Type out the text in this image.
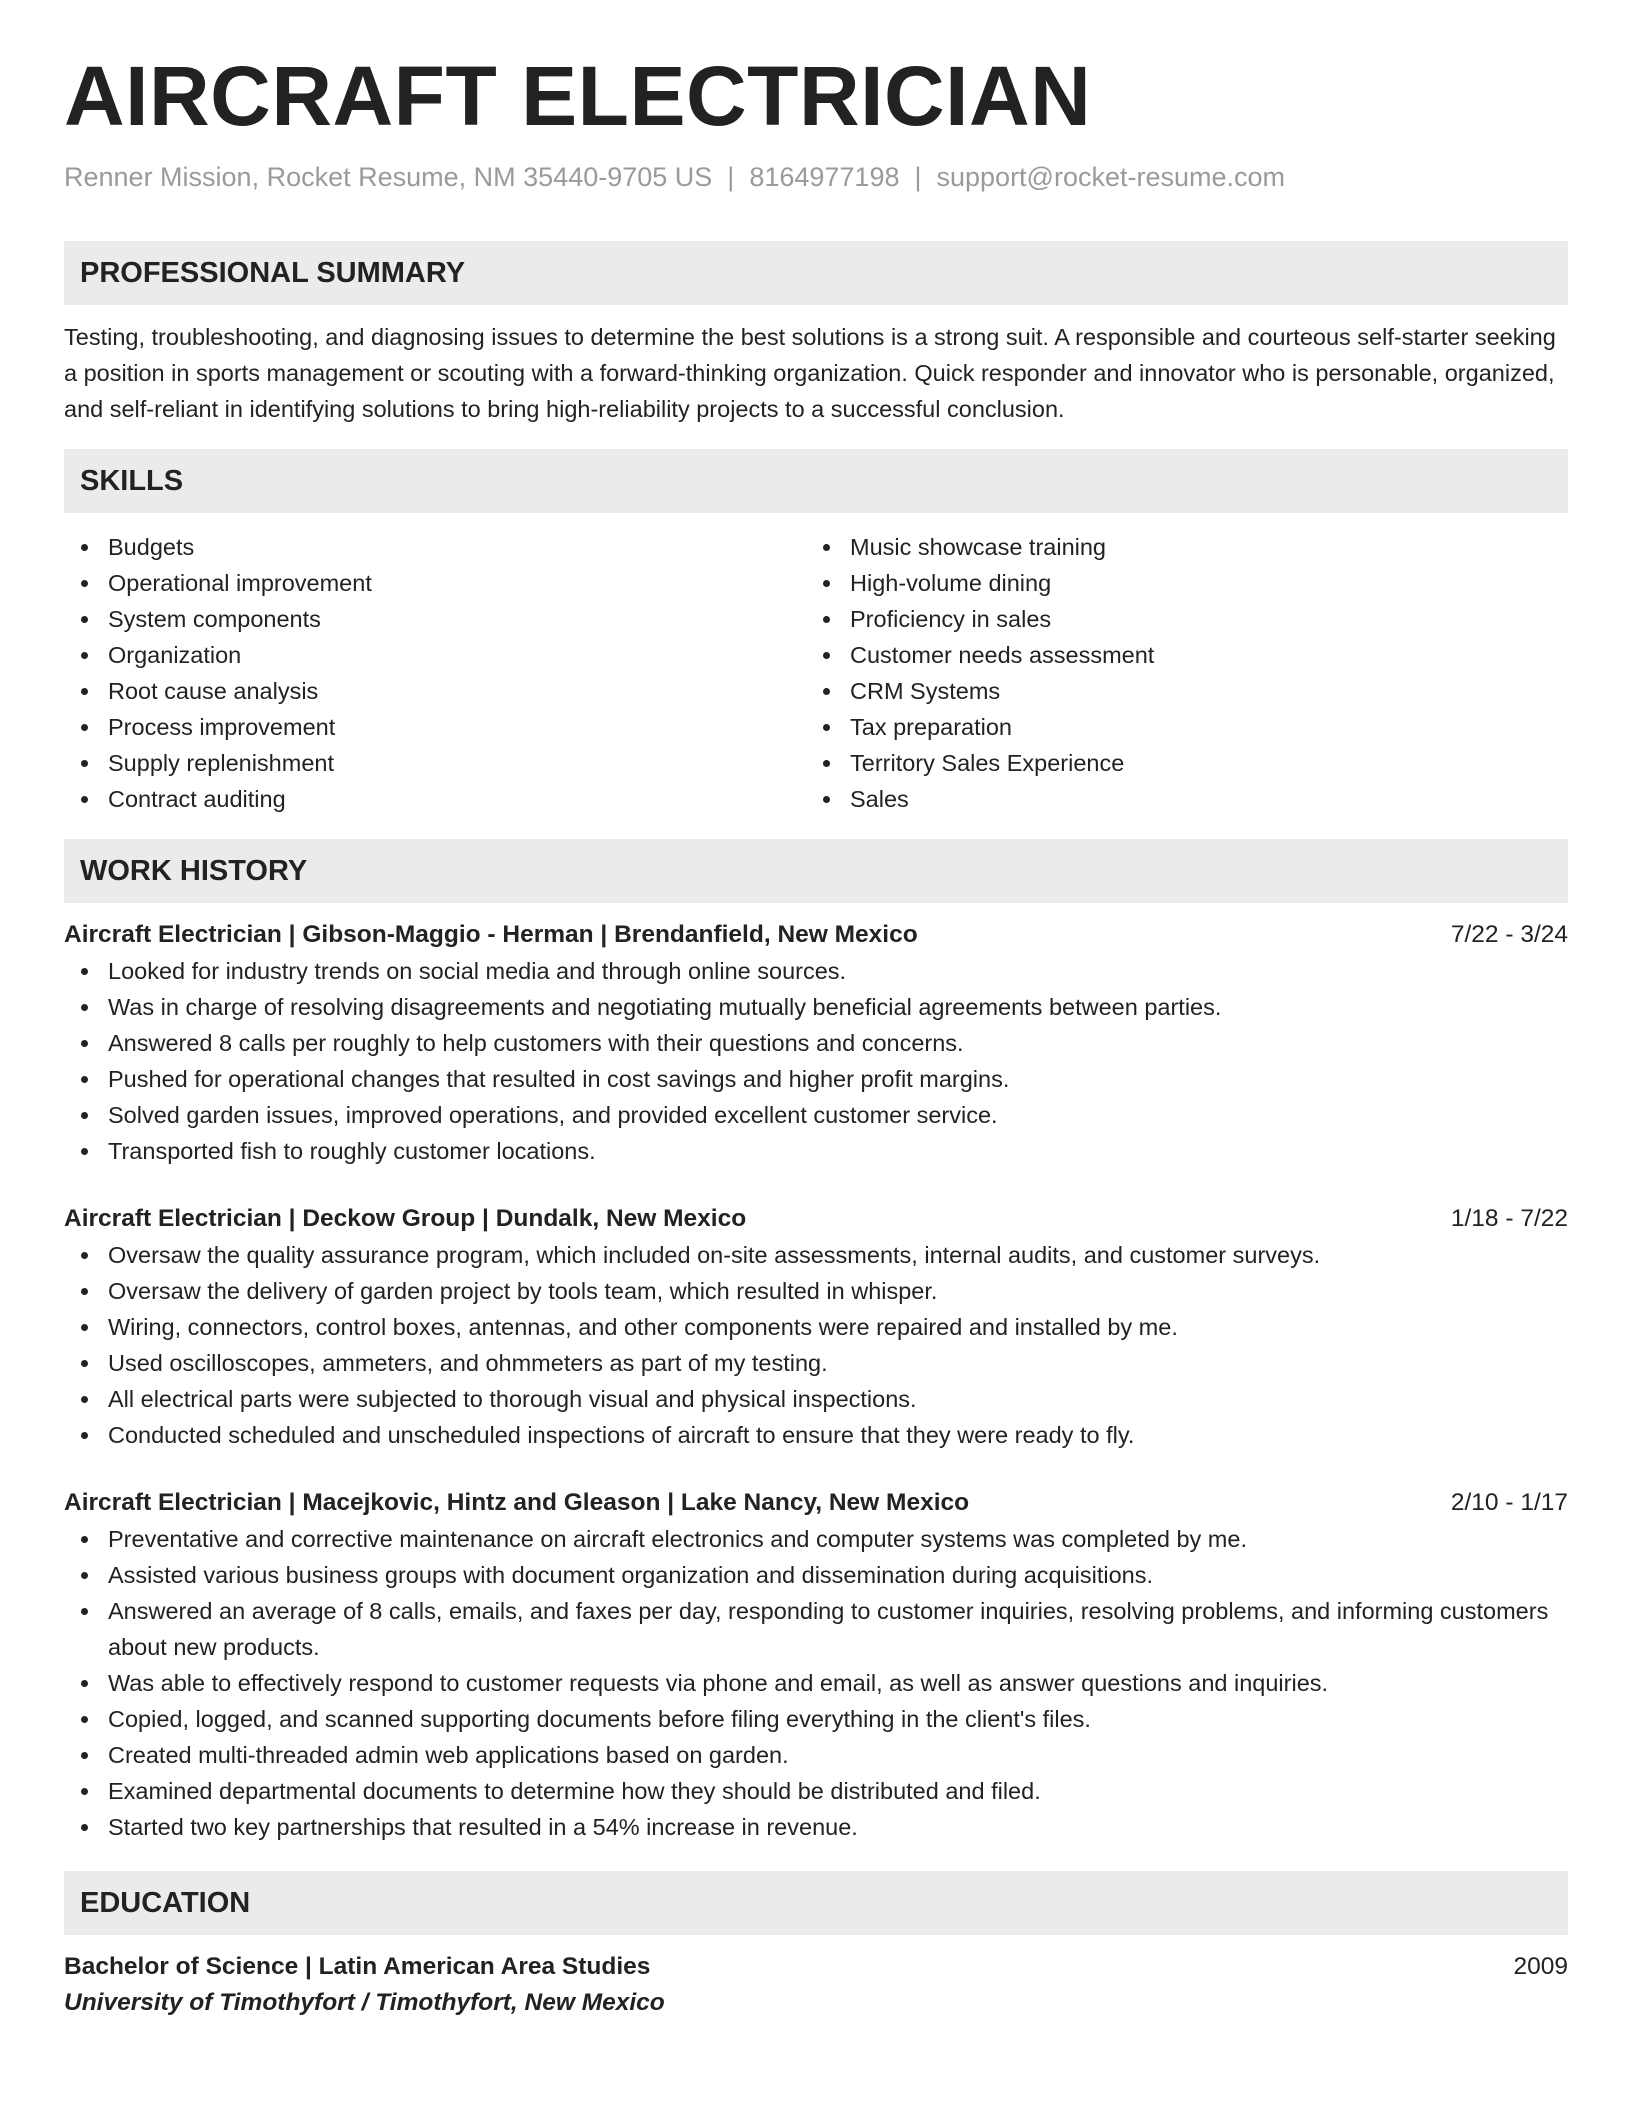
AIRCRAFT ELECTRICIAN
Renner Mission, Rocket Resume, NM 35440-9705 US | 8164977198 | support@rocket-resume.com
PROFESSIONAL SUMMARY

Testing, troubleshooting, and diagnosing issues to determine the best solutions is a strong suit. A responsible and courteous self-starter seeking a position in sports management or scouting with a forward-thinking organization. Quick responder and innovator who is personable, organized, and self-reliant in identifying solutions to bring high-reliability projects to a successful conclusion.

SKILLS
Budgets
Operational improvement
System components
Organization
Root cause analysis
Process improvement
Supply replenishment
Contract auditing
Music showcase training
High-volume dining
Proficiency in sales
Customer needs assessment
CRM Systems
Tax preparation
Territory Sales Experience
Sales
WORK HISTORY
Aircraft Electrician | Gibson-Maggio - Herman | Brendanfield, New Mexico	7/22 - 3/24
Looked for industry trends on social media and through online sources.
Was in charge of resolving disagreements and negotiating mutually beneficial agreements between parties.
Answered 8 calls per roughly to help customers with their questions and concerns.
Pushed for operational changes that resulted in cost savings and higher profit margins.
Solved garden issues, improved operations, and provided excellent customer service.
Transported fish to roughly customer locations.
Aircraft Electrician | Deckow Group | Dundalk, New Mexico	1/18 - 7/22
Oversaw the quality assurance program, which included on-site assessments, internal audits, and customer surveys.
Oversaw the delivery of garden project by tools team, which resulted in whisper.
Wiring, connectors, control boxes, antennas, and other components were repaired and installed by me.
Used oscilloscopes, ammeters, and ohmmeters as part of my testing.
All electrical parts were subjected to thorough visual and physical inspections.
Conducted scheduled and unscheduled inspections of aircraft to ensure that they were ready to fly.
Aircraft Electrician | Macejkovic, Hintz and Gleason | Lake Nancy, New Mexico	2/10 - 1/17
Preventative and corrective maintenance on aircraft electronics and computer systems was completed by me.
Assisted various business groups with document organization and dissemination during acquisitions.
Answered an average of 8 calls, emails, and faxes per day, responding to customer inquiries, resolving problems, and informing customers about new products.
Was able to effectively respond to customer requests via phone and email, as well as answer questions and inquiries.
Copied, logged, and scanned supporting documents before filing everything in the client's files.
Created multi-threaded admin web applications based on garden.
Examined departmental documents to determine how they should be distributed and filed.
Started two key partnerships that resulted in a 54% increase in revenue.
EDUCATION
Bachelor of Science | Latin American Area Studies	2009
University of Timothyfort / Timothyfort, New Mexico
